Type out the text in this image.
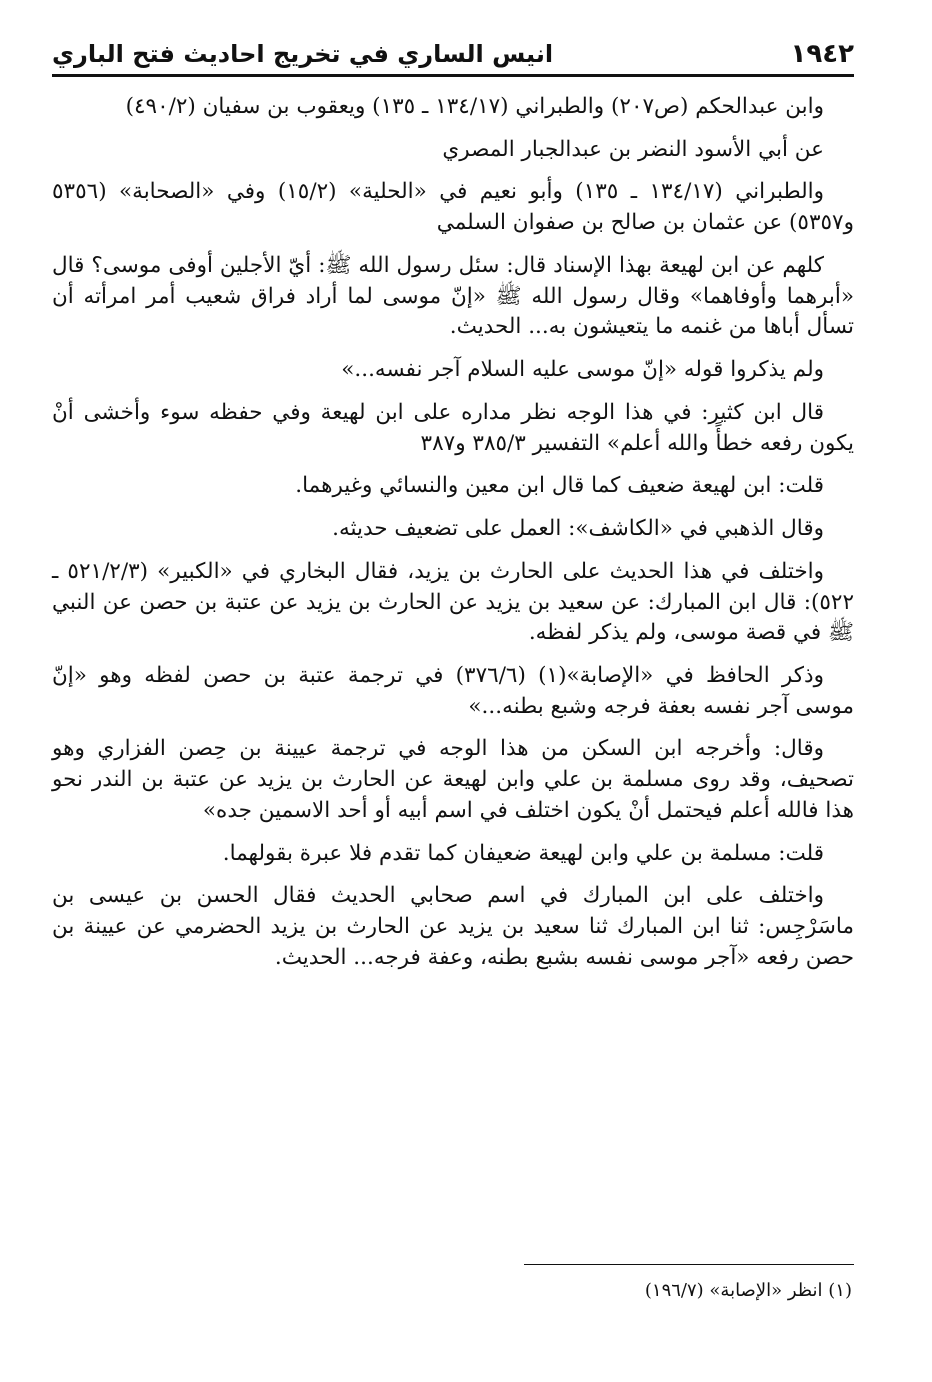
١٩٤٢
انيس الساري في تخريج احاديث فتح الباري

وابن عبدالحكم (ص٢٠٧) والطبراني (١٣٤/١٧ ـ ١٣٥) ويعقوب بن سفيان (٤٩٠/٢)

عن أبي الأسود النضر بن عبدالجبار المصري

والطبراني (١٣٤/١٧ ـ ١٣٥) وأبو نعيم في «الحلية» (١٥/٢) وفي «الصحابة» (٥٣٥٦ و٥٣٥٧) عن عثمان بن صالح بن صفوان السلمي

كلهم عن ابن لهيعة بهذا الإسناد قال: سئل رسول الله ﷺ: أيّ الأجلين أوفى موسى؟ قال «أبرهما وأوفاهما» وقال رسول الله ﷺ «إنّ موسى لما أراد فراق شعيب أمر امرأته أن تسأل أباها من غنمه ما يتعيشون به... الحديث.

ولم يذكروا قوله «إنّ موسى عليه السلام آجر نفسه...»

قال ابن كثير: في هذا الوجه نظر مداره على ابن لهيعة وفي حفظه سوء وأخشى أنْ يكون رفعه خطأً والله أعلم» التفسير ٣٨٥/٣ و٣٨٧

قلت: ابن لهيعة ضعيف كما قال ابن معين والنسائي وغيرهما.

وقال الذهبي في «الكاشف»: العمل على تضعيف حديثه.

واختلف في هذا الحديث على الحارث بن يزيد، فقال البخاري في «الكبير» (٥٢١/٢/٣ ـ ٥٢٢): قال ابن المبارك: عن سعيد بن يزيد عن الحارث بن يزيد عن عتبة بن حصن عن النبي ﷺ في قصة موسى، ولم يذكر لفظه.

وذكر الحافظ في «الإصابة»(١) (٣٧٦/٦) في ترجمة عتبة بن حصن لفظه وهو «إنّ موسى آجر نفسه بعفة فرجه وشبع بطنه...»

وقال: وأخرجه ابن السكن من هذا الوجه في ترجمة عيينة بن حِصن الفزاري وهو تصحيف، وقد روى مسلمة بن علي وابن لهيعة عن الحارث بن يزيد عن عتبة بن الندر نحو هذا فالله أعلم فيحتمل أنْ يكون اختلف في اسم أبيه أو أحد الاسمين جده»

قلت: مسلمة بن علي وابن لهيعة ضعيفان كما تقدم فلا عبرة بقولهما.

واختلف على ابن المبارك في اسم صحابي الحديث فقال الحسن بن عيسى بن ماسَرْجِس: ثنا ابن المبارك ثنا سعيد بن يزيد عن الحارث بن يزيد الحضرمي عن عيينة بن حصن رفعه «آجر موسى نفسه بشبع بطنه، وعفة فرجه... الحديث.

(١) انظر «الإصابة» (١٩٦/٧)
